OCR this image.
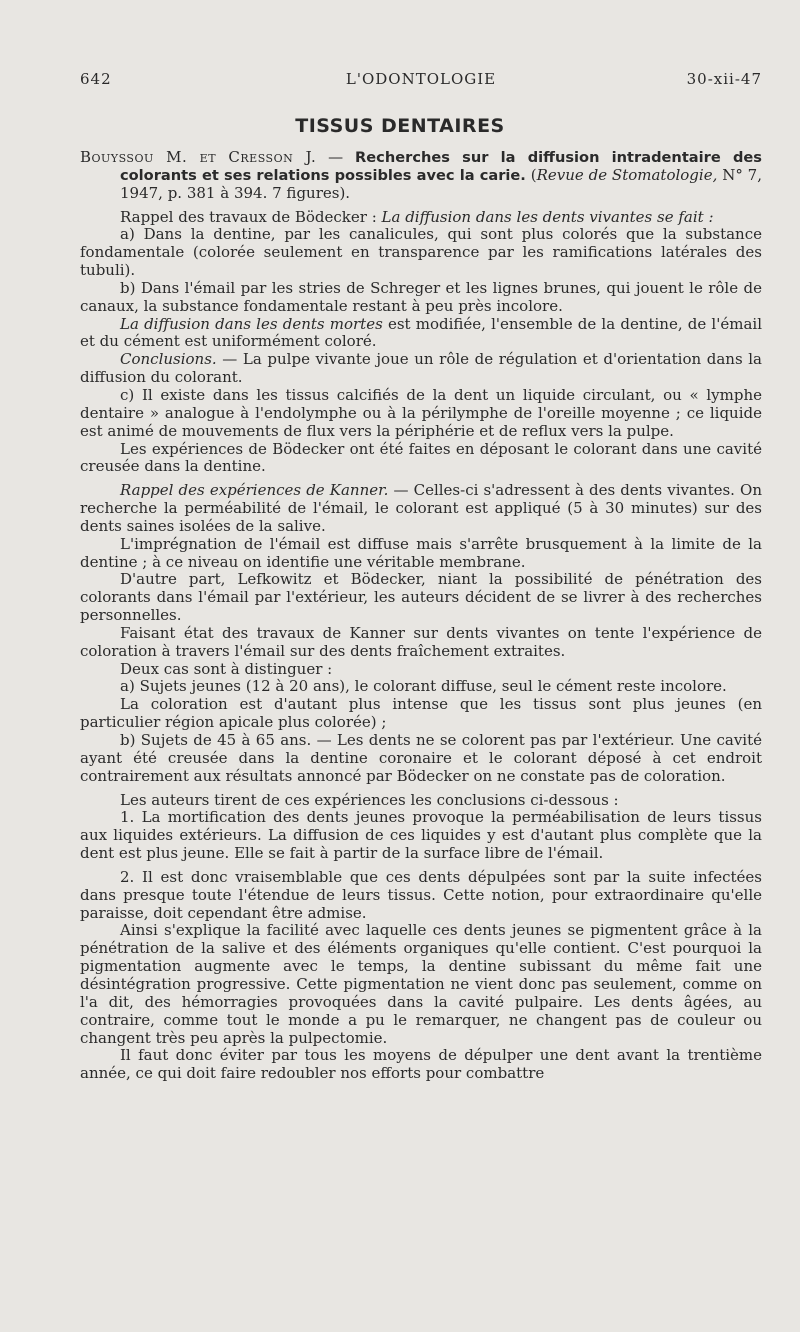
642	L'ODONTOLOGIE	30-xii-47
TISSUS DENTAIRES

Bouyssou M. et Cresson J. — Recherches sur la diffusion intradentaire des colorants et ses relations possibles avec la carie. (Revue de Stomatologie, N° 7, 1947, p. 381 à 394. 7 figures).

Rappel des travaux de Bödecker : La diffusion dans les dents vivantes se fait :

a) Dans la dentine, par les canalicules, qui sont plus colorés que la substance fondamentale (colorée seulement en transparence par les ramifications latérales des tubuli).

b) Dans l'émail par les stries de Schreger et les lignes brunes, qui jouent le rôle de canaux, la substance fondamentale restant à peu près incolore.

La diffusion dans les dents mortes est modifiée, l'ensemble de la dentine, de l'émail et du cément est uniformément coloré.

Conclusions. — La pulpe vivante joue un rôle de régulation et d'orientation dans la diffusion du colorant.

c) Il existe dans les tissus calcifiés de la dent un liquide circulant, ou « lymphe dentaire » analogue à l'endolymphe ou à la périlymphe de l'oreille moyenne ; ce liquide est animé de mouvements de flux vers la périphérie et de reflux vers la pulpe.

Les expériences de Bödecker ont été faites en déposant le colorant dans une cavité creusée dans la dentine.

Rappel des expériences de Kanner. — Celles-ci s'adressent à des dents vivantes. On recherche la perméabilité de l'émail, le colorant est appliqué (5 à 30 minutes) sur des dents saines isolées de la salive.

L'imprégnation de l'émail est diffuse mais s'arrête brusquement à la limite de la dentine ; à ce niveau on identifie une véritable membrane.

D'autre part, Lefkowitz et Bödecker, niant la possibilité de pénétration des colorants dans l'émail par l'extérieur, les auteurs décident de se livrer à des recherches personnelles.

Faisant état des travaux de Kanner sur dents vivantes on tente l'expérience de coloration à travers l'émail sur des dents fraîchement extraites.

Deux cas sont à distinguer :

a) Sujets jeunes (12 à 20 ans), le colorant diffuse, seul le cément reste incolore.

La coloration est d'autant plus intense que les tissus sont plus jeunes (en particulier région apicale plus colorée) ;

b) Sujets de 45 à 65 ans. — Les dents ne se colorent pas par l'extérieur. Une cavité ayant été creusée dans la dentine coronaire et le colorant déposé à cet endroit contrairement aux résultats annoncé par Bödecker on ne constate pas de coloration.

Les auteurs tirent de ces expériences les conclusions ci-dessous :

1. La mortification des dents jeunes provoque la perméabilisation de leurs tissus aux liquides extérieurs. La diffusion de ces liquides y est d'autant plus complète que la dent est plus jeune. Elle se fait à partir de la surface libre de l'émail.

2. Il est donc vraisemblable que ces dents dépulpées sont par la suite infectées dans presque toute l'étendue de leurs tissus. Cette notion, pour extraordinaire qu'elle paraisse, doit cependant être admise.

Ainsi s'explique la facilité avec laquelle ces dents jeunes se pigmentent grâce à la pénétration de la salive et des éléments organiques qu'elle contient. C'est pourquoi la pigmentation augmente avec le temps, la dentine subissant du même fait une désintégration progressive. Cette pigmentation ne vient donc pas seulement, comme on l'a dit, des hémorragies provoquées dans la cavité pulpaire. Les dents âgées, au contraire, comme tout le monde a pu le remarquer, ne changent pas de couleur ou changent très peu après la pulpectomie.

Il faut donc éviter par tous les moyens de dépulper une dent avant la trentième année, ce qui doit faire redoubler nos efforts pour combattre
